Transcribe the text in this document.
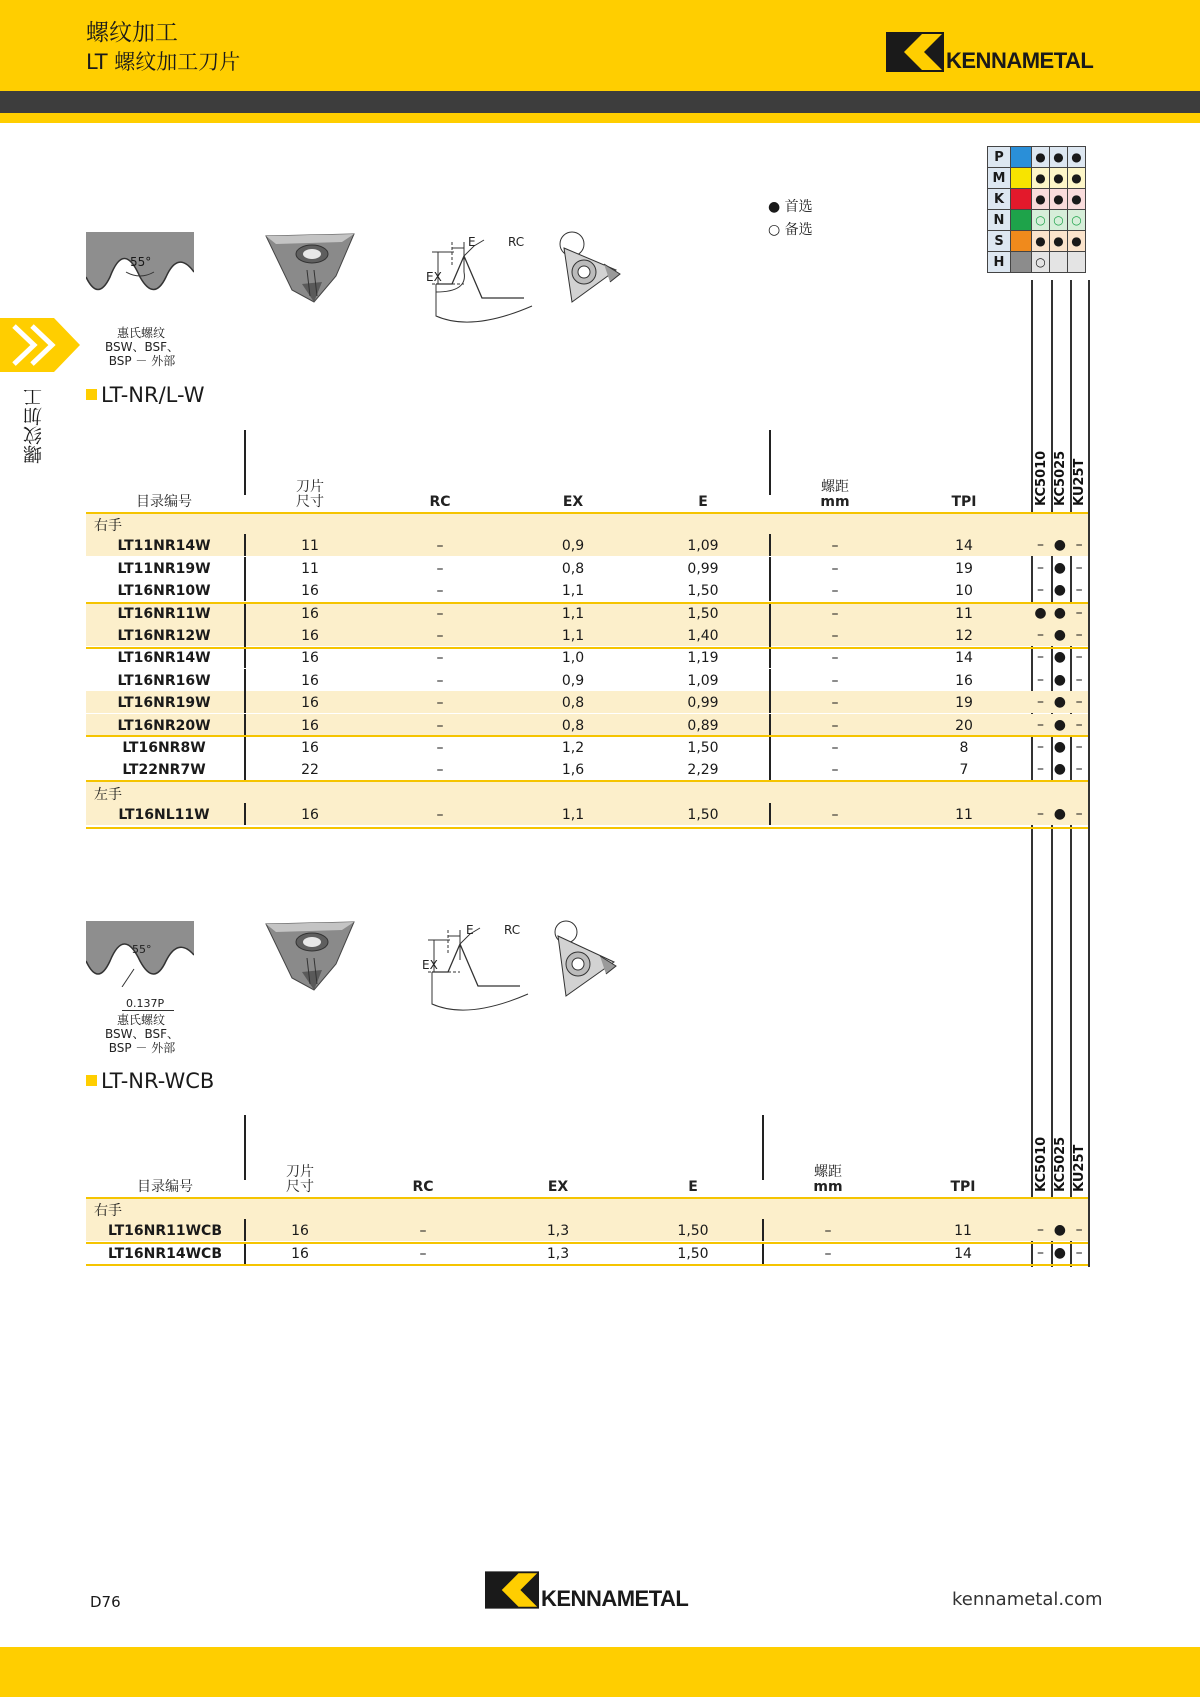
螺纹加工
LT 螺纹加工刀片	KENNAMETAL
螺纹加工
● 首选
○ 备选
P		●	●	●
M		●	●	●
K		●	●	●
N		○	○	○
S		●	●	●
H		○		
55°
惠氏螺纹
BSW、BSF、
BSP － 外部
E	RC
EX
LT-NR/L-W
KC5010 KC5025 KU25T
目录编号
刀片
尺寸	RC	EX	E
螺距
mm	TPI
右手
LT11NR14W	11	–	0,9	1,09	–	14	– ● –
LT11NR19W	11	–	0,8	0,99	–	19	– ● –
LT16NR10W	16	–	1,1	1,50	–	10	– ● –
LT16NR11W	16	–	1,1	1,50	–	11	● ● –
LT16NR12W	16	–	1,1	1,40	–	12	– ● –
LT16NR14W	16	–	1,0	1,19	–	14	– ● –
LT16NR16W	16	–	0,9	1,09	–	16	– ● –
LT16NR19W	16	–	0,8	0,99	–	19	– ● –
LT16NR20W	16	–	0,8	0,89	–	20	– ● –
LT16NR8W	16	–	1,2	1,50	–	8	– ● –
LT22NR7W	22	–	1,6	2,29	–	7	– ● –
左手
LT16NL11W	16	–	1,1	1,50	–	11	– ● –
55°
0.137P
惠氏螺纹
BSW、BSF、
BSP － 外部
E	RC
EX
LT-NR-WCB
KC5010 KC5025 KU25T
目录编号
刀片
尺寸	RC	EX	E
螺距
mm	TPI
右手
LT16NR11WCB	16	–	1,3	1,50	–	11	– ● –
LT16NR14WCB	16	–	1,3	1,50	–	14	– ● –
D76	KENNAMETAL	kennametal.com
